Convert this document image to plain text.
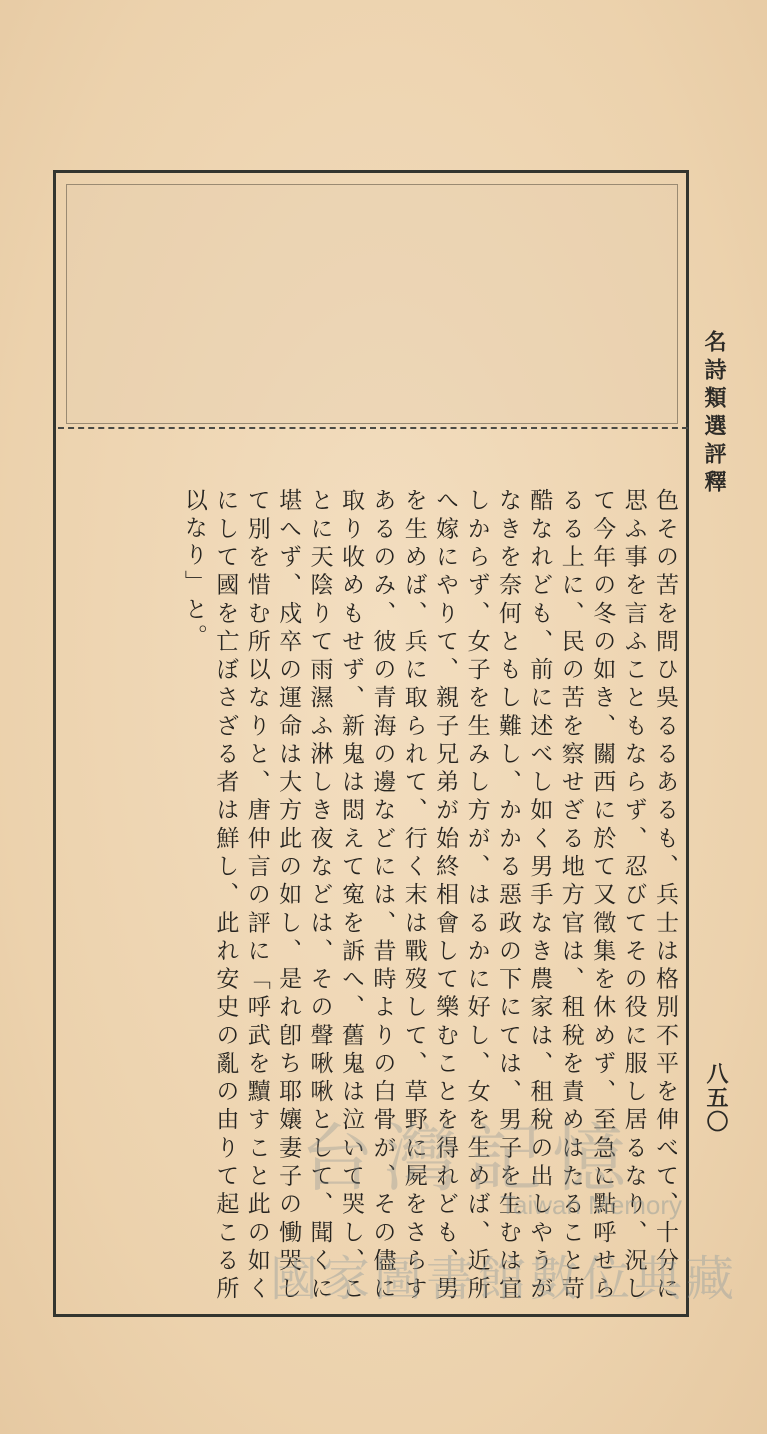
名詩類選評釋
八五〇
色その苦を問ひ吳るるあるも、兵士は格別不平を伸べて、十分に思ふ事を言ふこともならず、忍びてその役に服し居るなり、況して今年の冬の如き、關西に於て又徵集を休めず、至急に點呼せらるる上に、民の苦を察せざる地方官は、租稅を責めはたること苛酷なれども、前に述べし如く男手なき農家は、租稅の出しやうがなきを奈何ともし難し、かかる惡政の下にては、男子を生むは宜しからず、女子を生みし方が、はるかに好し、女を生めば、近所へ嫁にやりて、親子兄弟が始終相會して樂むことを得れども、男を生めば、兵に取られて、行く末は戰歿して、草野に屍をさらすあるのみ、彼の青海の邊などには、昔時よりの白骨が、その儘に取り收めもせず、新鬼は悶えて寃を訴へ、舊鬼は泣いて哭し、ことに天陰りて雨濕ふ淋しき夜などは、その聲啾啾として、聞くに堪へず、戍卒の運命は大方此の如し、是れ卽ち耶孃妻子の慟哭して別を惜む所以なりと、唐仲言の評に「呼武を黷すこと此の如くにして國を亡ぼさざる者は鮮し、此れ安史の亂の由りて起こる所以なり」と。
台灣記憶
Taiwan Memory
國家圖書館數位典藏
